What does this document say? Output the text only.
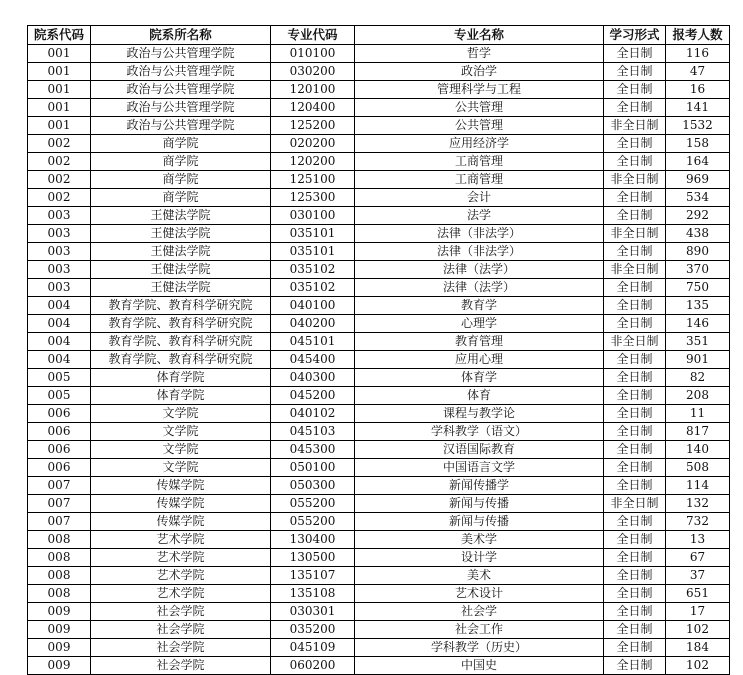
院系代码	院系所名称	专业代码	专业名称	学习形式	报考人数
001	政治与公共管理学院	010100	哲学	全日制	116
001	政治与公共管理学院	030200	政治学	全日制	47
001	政治与公共管理学院	120100	管理科学与工程	全日制	16
001	政治与公共管理学院	120400	公共管理	全日制	141
001	政治与公共管理学院	125200	公共管理	非全日制	1532
002	商学院	020200	应用经济学	全日制	158
002	商学院	120200	工商管理	全日制	164
002	商学院	125100	工商管理	非全日制	969
002	商学院	125300	会计	全日制	534
003	王健法学院	030100	法学	全日制	292
003	王健法学院	035101	法律（非法学）	非全日制	438
003	王健法学院	035101	法律（非法学）	全日制	890
003	王健法学院	035102	法律（法学）	非全日制	370
003	王健法学院	035102	法律（法学）	全日制	750
004	教育学院、教育科学研究院	040100	教育学	全日制	135
004	教育学院、教育科学研究院	040200	心理学	全日制	146
004	教育学院、教育科学研究院	045101	教育管理	非全日制	351
004	教育学院、教育科学研究院	045400	应用心理	全日制	901
005	体育学院	040300	体育学	全日制	82
005	体育学院	045200	体育	全日制	208
006	文学院	040102	课程与教学论	全日制	11
006	文学院	045103	学科教学（语文）	全日制	817
006	文学院	045300	汉语国际教育	全日制	140
006	文学院	050100	中国语言文学	全日制	508
007	传媒学院	050300	新闻传播学	全日制	114
007	传媒学院	055200	新闻与传播	非全日制	132
007	传媒学院	055200	新闻与传播	全日制	732
008	艺术学院	130400	美术学	全日制	13
008	艺术学院	130500	设计学	全日制	67
008	艺术学院	135107	美术	全日制	37
008	艺术学院	135108	艺术设计	全日制	651
009	社会学院	030301	社会学	全日制	17
009	社会学院	035200	社会工作	全日制	102
009	社会学院	045109	学科教学（历史）	全日制	184
009	社会学院	060200	中国史	全日制	102
